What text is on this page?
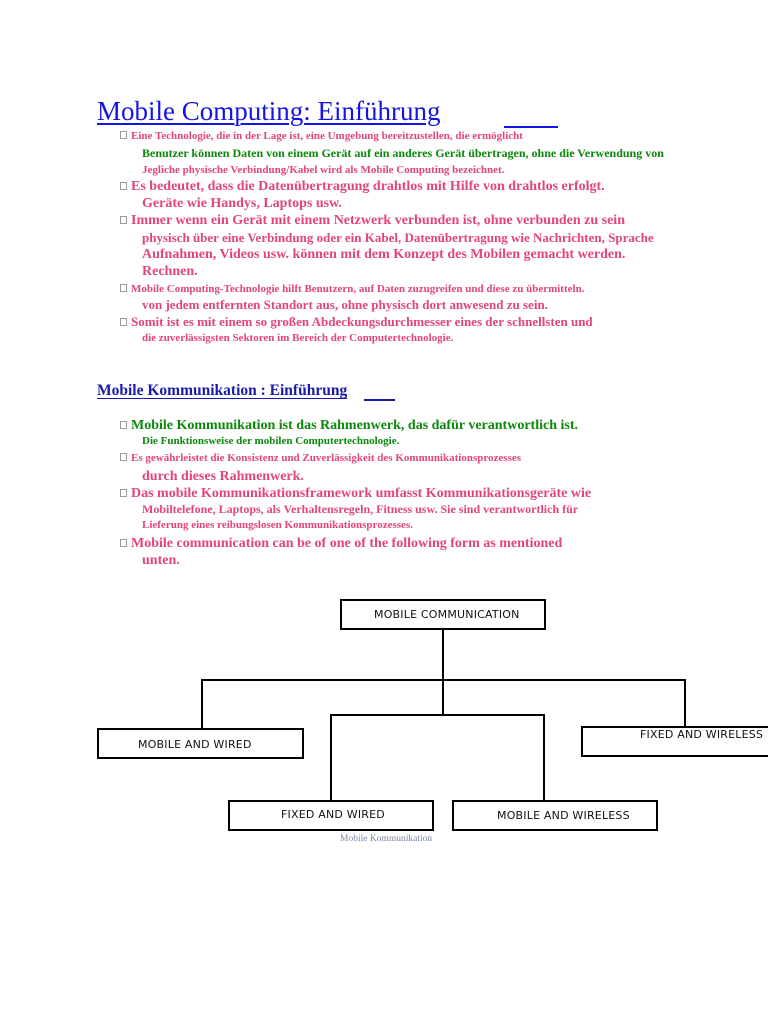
Mobile Computing: Einführung
Eine Technologie, die in der Lage ist, eine Umgebung bereitzustellen, die ermöglicht
Benutzer können Daten von einem Gerät auf ein anderes Gerät übertragen, ohne die Verwendung von
Jegliche physische Verbindung/Kabel wird als Mobile Computing bezeichnet.
Es bedeutet, dass die Datenübertragung drahtlos mit Hilfe von drahtlos erfolgt.
Geräte wie Handys, Laptops usw.
Immer wenn ein Gerät mit einem Netzwerk verbunden ist, ohne verbunden zu sein
physisch über eine Verbindung oder ein Kabel, Datenübertragung wie Nachrichten, Sprache
Aufnahmen, Videos usw. können mit dem Konzept des Mobilen gemacht werden.
Rechnen.
Mobile Computing-Technologie hilft Benutzern, auf Daten zuzugreifen und diese zu übermitteln.
von jedem entfernten Standort aus, ohne physisch dort anwesend zu sein.
Somit ist es mit einem so großen Abdeckungsdurchmesser eines der schnellsten und
die zuverlässigsten Sektoren im Bereich der Computertechnologie.
Mobile Kommunikation : Einführung
Mobile Kommunikation ist das Rahmenwerk, das dafür verantwortlich ist.
Die Funktionsweise der mobilen Computertechnologie.
Es gewährleistet die Konsistenz und Zuverlässigkeit des Kommunikationsprozesses
durch dieses Rahmenwerk.
Das mobile Kommunikationsframework umfasst Kommunikationsgeräte wie
Mobiltelefone, Laptops, als Verhaltensregeln, Fitness usw. Sie sind verantwortlich für
Lieferung eines reibungslosen Kommunikationsprozesses.
Mobile communication can be of one of the following form as mentioned
unten.
MOBILE COMMUNICATION
MOBILE AND WIRED
FIXED AND WIRELESS
FIXED AND WIRED	MOBILE AND WIRELESS
Mobile Kommunikation
